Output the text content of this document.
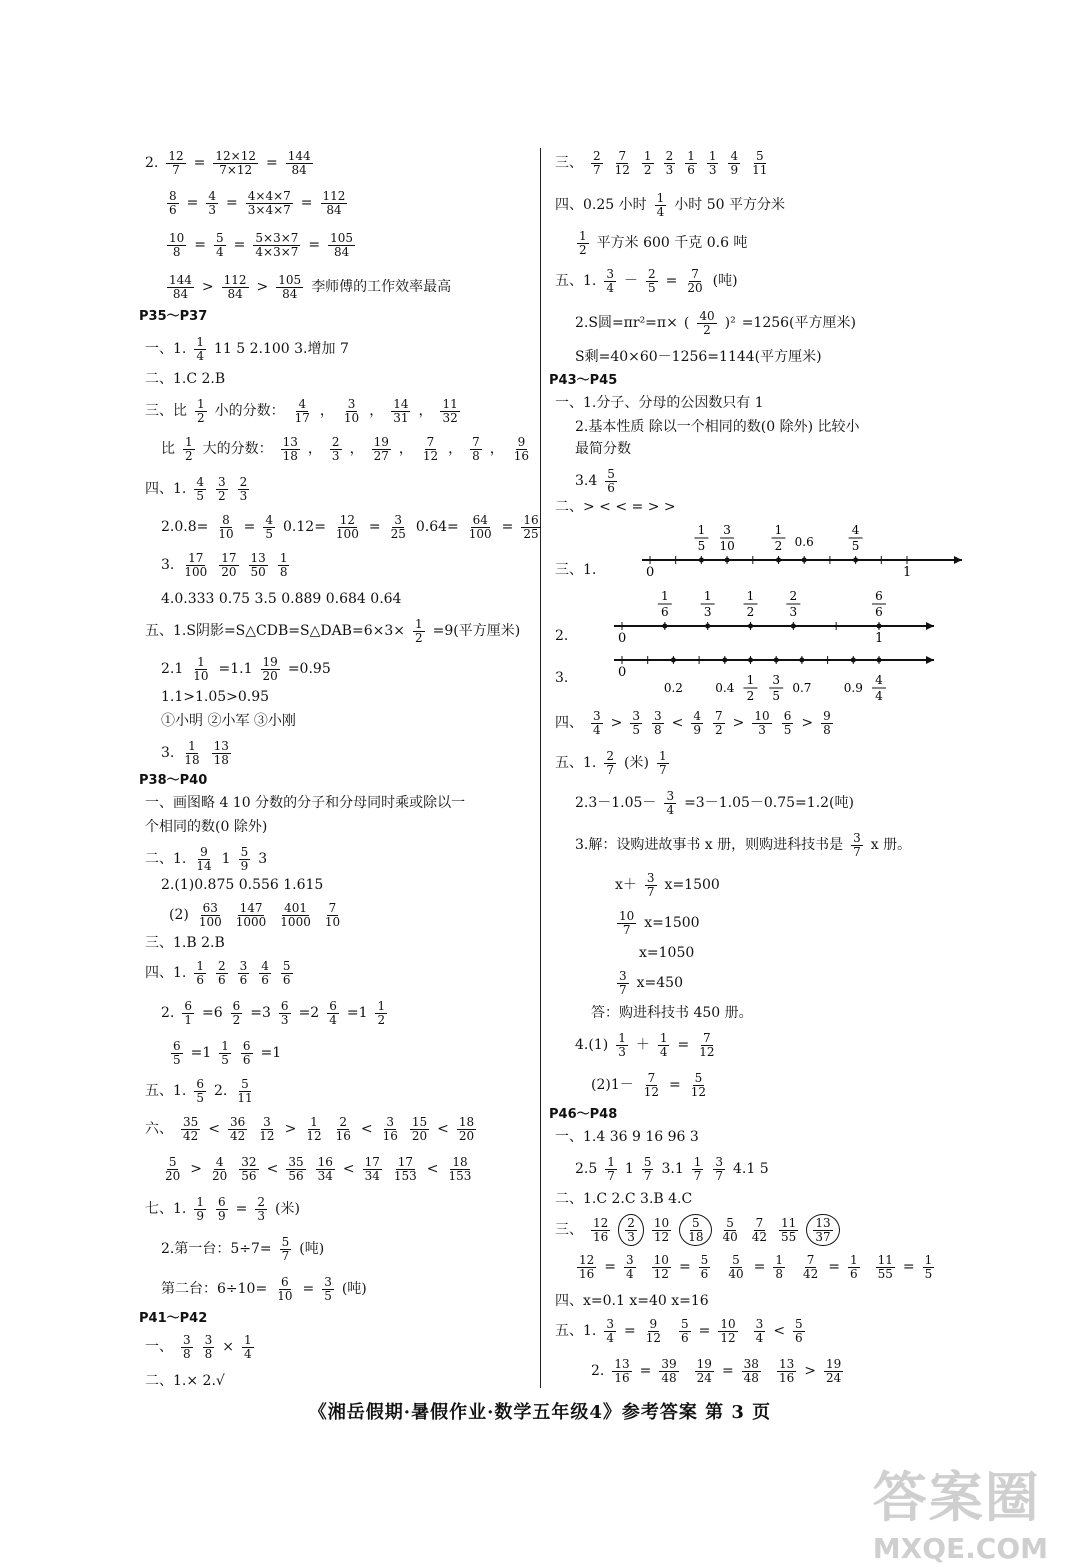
2. $\frac{12}{7} = \frac{12\times 12}{7\times 12} = \frac{144}{84}$
$\frac{8}{6} = \frac{4}{3} = \frac{4\times 4\times 7}{3\times 4\times 7} = \frac{112}{84}$
$\frac{10}{8} = \frac{5}{4} = \frac{5\times 3\times 7}{4\times 3\times 7} = \frac{105}{84}$
$\frac{144}{84} > \frac{112}{84} > \frac{105}{84}$ 李师傅的工作效率最高
P35～P37
一、1. $\frac{1}{4} 11$ 5 2.100 3.增加 7
二、1.C 2.B
三、比 $\frac{1}{2}$ 小的分数： $\frac{4}{17}$ ， $\frac{3}{10}$ ， $\frac{14}{31}$ ， $\frac{11}{32}$
比 $\frac{1}{2}$ 大的分数： $\frac{13}{18}$ ， $\frac{2}{3}$ ， $\frac{19}{27}$ ， $\frac{7}{12}$ ， $\frac{7}{8}$ ， $\frac{9}{16}$
四、1. $\frac{4}{5} \frac{3}{2} \frac{2}{3}$
$2.0.8= \frac{8}{10} = \frac{4}{5} 0.12= \frac{12}{100} = \frac{3}{25} 0.64= \frac{64}{100} = \frac{16}{25}$
3. $\frac{17}{100} \frac{17}{20} \frac{13}{50} \frac{1}{8}$
4.0.333 0.75 3.5 0.889 0.684 0.64
五、1.S阴影=S△CDB=S△DAB=6×3× $\frac{1}{2} =9$(平方厘米)
$2.1 \frac{1}{10} =1.1 \frac{19}{20} =0.95$
1.1>1.05>0.95
①小明 ②小军 ③小刚
3. $\frac{1}{18} \frac{13}{18}$
P38～P40
一、画图略 4 10 分数的分子和分母同时乘或除以一
个相同的数(0 除外)
二、1. $\frac{9}{14} 1 \frac{5}{9} 3$
2.(1)0.875 0.556 1.615
$(2) \frac{63}{100} \frac{147}{1000} \frac{401}{1000} \frac{7}{10}$
三、1.B 2.B
四、1. $\frac{1}{6} \frac{2}{6} \frac{3}{6} \frac{4}{6} \frac{5}{6}$
2. $\frac{6}{1} =6 \frac{6}{2} =3 \frac{6}{3} =2 \frac{6}{4} =1 \frac{1}{2}$
$\frac{6}{5} =1 \frac{1}{5} \frac{6}{6} =1$
五、1. $\frac{6}{5} 2$. $\frac{5}{11}$
六、 $\frac{35}{42} < \frac{36}{42} \frac{3}{12} > \frac{1}{12} \frac{2}{16} < \frac{3}{16} \frac{15}{20} < \frac{18}{20}$
$\frac{5}{20} > \frac{4}{20} \frac{32}{56} < \frac{35}{56} \frac{16}{34} < \frac{17}{34} \frac{17}{153} < \frac{18}{153}$
七、1. $\frac{1}{9} \frac{6}{9} = \frac{2}{3}$ (米)
2.第一台：$5\div 7= \frac{5}{7}$ (吨)
第二台：$6\div 10= \frac{6}{10} = \frac{3}{5}$ (吨)
P41～P42
一、 $\frac{3}{8} \frac{3}{8} \times \frac{1}{4}$
二、1.× 2.√
三、 $\frac{2}{7} \frac{7}{12} \frac{1}{2} \frac{2}{3} \frac{1}{6} \frac{1}{3} \frac{4}{9} \frac{5}{11}$
四、0.25 小时 $\frac{1}{4}$ 小时 50 平方分米
$\frac{1}{2}$ 平方米 600 千克 0.6 吨
五、1. $\frac{3}{4} - \frac{2}{5} = \frac{7}{20}$ (吨)
2.S圆=πr²=π× ( $\frac{40}{2} )^2 =1256$(平方厘米)
S剩=40×60－1256=1144(平方厘米)
P43～P45
一、1.分子、分母的公因数只有 1
2.基本性质 除以一个相同的数(0 除外) 比较小
最简分数
$3.4 \frac{5}{6}$
二、> < < = > >
三、1.	0	1
1
5
3
10
1
2 0.6
4
5
2.	0	1
1
6
1
3
1
2
2
3
6
6
3.	0
0.2	0.4
1
2
3
5
0.7	0.9
4
4
四、 $\frac{3}{4} > \frac{3}{5} \frac{3}{8} < \frac{4}{9} \frac{7}{2} > \frac{10}{3} \frac{6}{5} > \frac{9}{8}$
五、1. $\frac{2}{7}$ (米) $\frac{1}{7}$
$2.3-1.05- \frac{3}{4} =3-1.05-0.75=1.2$(吨)
3.解：设购进故事书 x 册，则购进科技书是 $\frac{3}{7}$ x 册。
$x+ \frac{3}{7} x=1500$
$\frac{10}{7} x=1500$
x=1050
$\frac{3}{7} x=450$
答：购进科技书 450 册。
$4.(1) \frac{1}{3} + \frac{1}{4} = \frac{7}{12}$
$(2)1- \frac{7}{12} = \frac{5}{12}$
P46～P48
一、1.4 36 9 16 96 3
$2.5 \frac{1}{7} 1 \frac{5}{7} 3.1 \frac{1}{7} \frac{3}{7} 4.1$ 5
二、1.C 2.C 3.B 4.C
三、 $\frac{12}{16} \frac{2}{3} \frac{10}{12} \frac{5}{18} \frac{5}{40} \frac{7}{42} \frac{11}{55} \frac{13}{37}$
$\frac{12}{16} = \frac{3}{4} \frac{10}{12} = \frac{5}{6} \frac{5}{40} = \frac{1}{8} \frac{7}{42} = \frac{1}{6} \frac{11}{55} = \frac{1}{5}$
四、x=0.1 x=40 x=16
五、1. $\frac{3}{4} = \frac{9}{12} \frac{5}{6} = \frac{10}{12} \frac{3}{4} < \frac{5}{6}$
2. $\frac{13}{16} = \frac{39}{48} \frac{19}{24} = \frac{38}{48} \frac{13}{16} > \frac{19}{24}$
《湘岳假期·暑假作业·数学五年级4》参考答案 第 3 页
答案圈
MXQE.COM
